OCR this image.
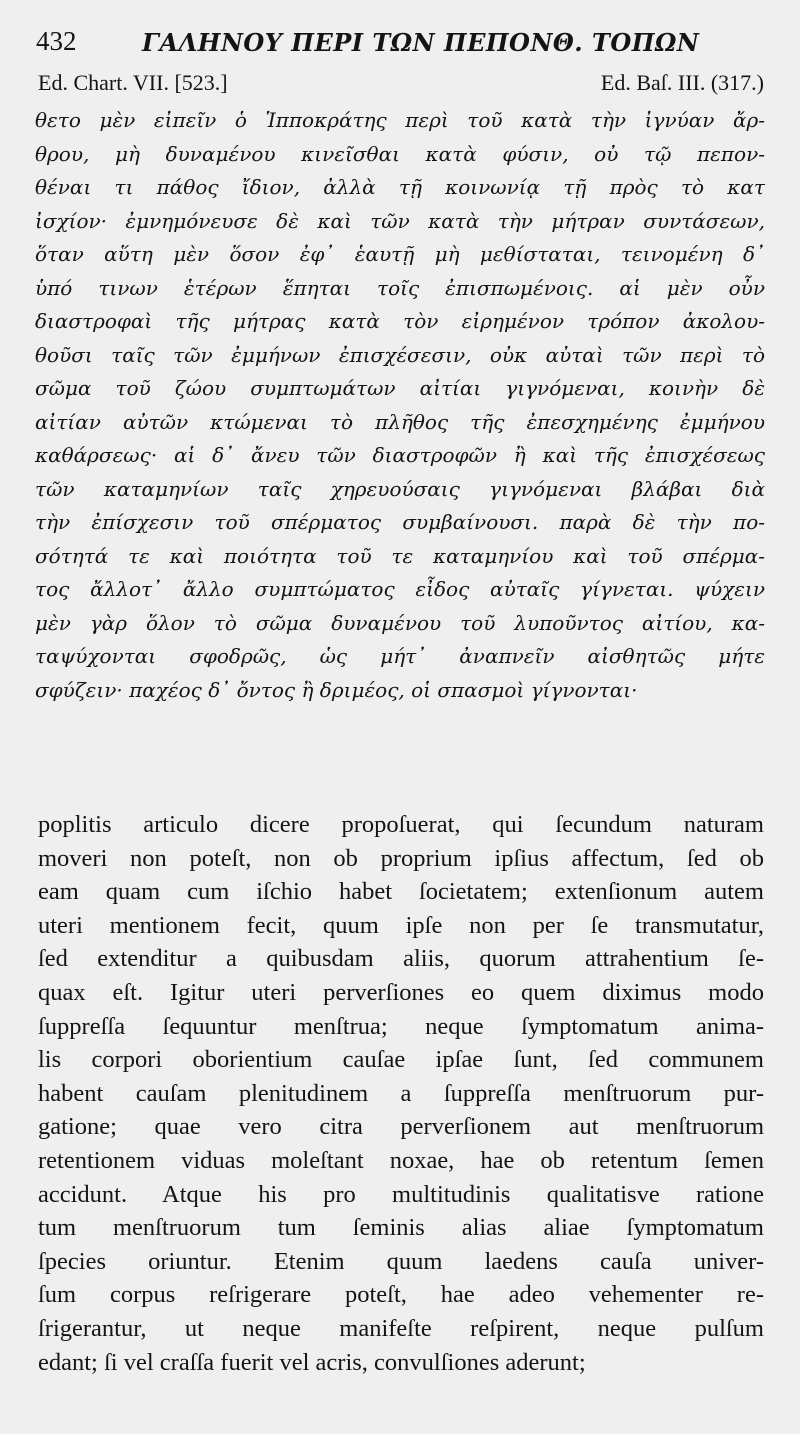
432	ΓΑΛΗΝΟΥ ΠΕΡΙ ΤΩΝ ΠΕΠΟΝΘ. ΤΟΠΩΝ
Ed. Chart. VII. [523.]	Ed. Baſ. III. (317.)
θετο μὲν εἰπεῖν ὁ Ἱπποκράτης περὶ τοῦ κατὰ τὴν ἰγνύαν ἄρ-
θρου, μὴ δυναμένου κινεῖσθαι κατὰ φύσιν, οὐ τῷ πεπον-
θέναι τι πάθος ἴδιον, ἀλλὰ τῇ κοινωνίᾳ τῇ πρὸς τὸ κατ
ἰσχίον· ἐμνημόνευσε δὲ καὶ τῶν κατὰ τὴν μήτραν συντάσεων,
ὅταν αὕτη μὲν ὅσον ἐφ᾽ ἑαυτῇ μὴ μεθίσταται, τεινομένη δ᾽
ὑπό τινων ἑτέρων ἕπηται τοῖς ἐπισπωμένοις. αἱ μὲν οὖν
διαστροφαὶ τῆς μήτρας κατὰ τὸν εἰρημένον τρόπον ἀκολου-
θοῦσι ταῖς τῶν ἐμμήνων ἐπισχέσεσιν, οὐκ αὐταὶ τῶν περὶ τὸ
σῶμα τοῦ ζώου συμπτωμάτων αἰτίαι γιγνόμεναι, κοινὴν δὲ
αἰτίαν αὐτῶν κτώμεναι τὸ πλῆθος τῆς ἐπεσχημένης ἐμμήνου
καθάρσεως· αἱ δ᾽ ἄνευ τῶν διαστροφῶν ἢ καὶ τῆς ἐπισχέσεως
τῶν καταμηνίων ταῖς χηρευούσαις γιγνόμεναι βλάβαι διὰ
τὴν ἐπίσχεσιν τοῦ σπέρματος συμβαίνουσι. παρὰ δὲ τὴν πο-
σότητά τε καὶ ποιότητα τοῦ τε καταμηνίου καὶ τοῦ σπέρμα-
τος ἄλλοτ᾽ ἄλλο συμπτώματος εἶδος αὐταῖς γίγνεται. ψύχειν
μὲν γὰρ ὅλον τὸ σῶμα δυναμένου τοῦ λυποῦντος αἰτίου, κα-
ταψύχονται σφοδρῶς, ὡς μήτ᾽ ἀναπνεῖν αἰσθητῶς μήτε
σφύζειν· παχέος δ᾽ ὄντος ἢ δριμέος, οἱ σπασμοὶ γίγνονται·
poplitis articulo dicere propoſuerat, qui ſecundum naturam
moveri non poteſt, non ob proprium ipſius affectum, ſed ob
eam quam cum iſchio habet ſocietatem; extenſionum autem
uteri mentionem fecit, quum ipſe non per ſe transmutatur,
ſed extenditur a quibusdam aliis, quorum attrahentium ſe-
quax eſt. Igitur uteri perverſiones eo quem diximus modo
ſuppreſſa ſequuntur menſtrua; neque ſymptomatum anima-
lis corpori oborientium cauſae ipſae ſunt, ſed communem
habent cauſam plenitudinem a ſuppreſſa menſtruorum pur-
gatione; quae vero citra perverſionem aut menſtruorum
retentionem viduas moleſtant noxae, hae ob retentum ſemen
accidunt. Atque his pro multitudinis qualitatisve ratione
tum menſtruorum tum ſeminis alias aliae ſymptomatum
ſpecies oriuntur. Etenim quum laedens cauſa univer-
ſum corpus reſrigerare poteſt, hae adeo vehementer re-
ſrigerantur, ut neque manifeſte reſpirent, neque pulſum
edant; ſi vel craſſa fuerit vel acris, convulſiones aderunt;
